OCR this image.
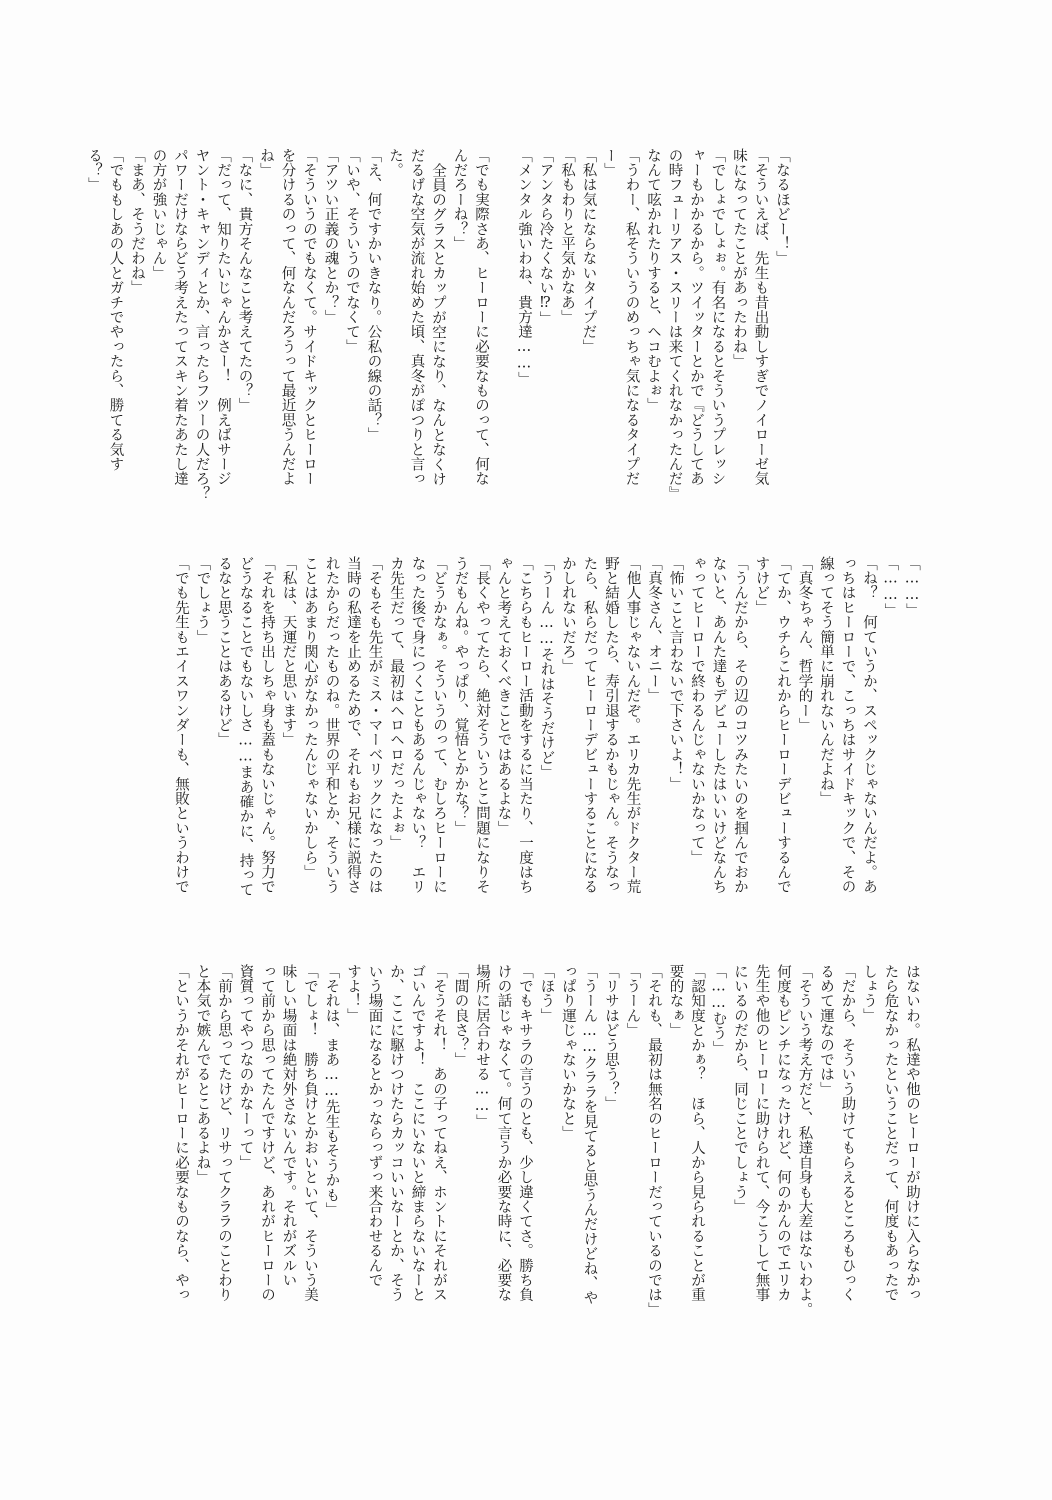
「なるほどー！」
「そういえば、先生も昔出動しすぎでノイローゼ気
味になってたことがあったわね」
「でしょでしょぉ。有名になるとそういうプレッシ
ャーもかかるから。ツイッターとかで『どうしてあ
の時フューリアス・スリーは来てくれなかったんだ』
なんて呟かれたりすると、ヘコむよぉ」
「うわー、私そういうのめっちゃ気になるタイプだ
ー」
「私は気にならないタイプだ」
「私もわりと平気かなあ」
「アンタら冷たくない⁉」
「メンタル強いわね、貴方達……」
「でも実際さあ、ヒーローに必要なものって、何な
んだろーね？」
全員のグラスとカップが空になり、なんとなくけ
だるげな空気が流れ始めた頃、真冬がぽつりと言っ
た。
「え、何ですかいきなり。公私の線の話？」
「いや、そういうのでなくて」
「アツい正義の魂とか？」
「そういうのでもなくて。サイドキックとヒーロー
を分けるのって、何なんだろうって最近思うんだよ
ね」
「なに、貴方そんなこと考えてたの？」
「だって、知りたいじゃんかさー！　例えばサージ
ヤント・キャンディとか、言ったらフツーの人だろ？
パワーだけならどう考えたってスキン着たあたし達
の方が強いじゃん」
「まあ、そうだわね」
「でももしあの人とガチでやったら、勝てる気す
る？」
「……」
「……」
「ね？　何ていうか、スペックじゃないんだよ。あ
っちはヒーローで、こっちはサイドキックで、その
線ってそう簡単に崩れないんだよね」
「真冬ちゃん、哲学的ー」
「てか、ウチらこれからヒーローデビューするんで
すけど」
「うんだから、その辺のコツみたいのを掴んでおか
ないと、あんた達もデビューしたはいいけどなんち
ゃってヒーローで終わるんじゃないかなって」
「怖いこと言わないで下さいよ！」
「真冬さん、オニー」
「他人事じゃないんだぞ。エリカ先生がドクター荒
野と結婚したら、寿引退するかもじゃん。そうなっ
たら、私らだってヒーローデビューすることになる
かしれないだろ」
「うーん……それはそうだけど」
「こちらもヒーロー活動をするに当たり、一度はち
ゃんと考えておくべきことではあるよな」
「長くやってたら、絶対そういうとこ問題になりそ
うだもんね。やっぱり、覚悟とかかな？」
「どうかなぁ。そういうのって、むしろヒーローに
なった後で身につくこともあるんじゃない？　エリ
カ先生だって、最初はヘロヘロだったよぉ」
「そもそも先生がミス・マーベリックになったのは
当時の私達を止めるためで、それもお兄様に説得さ
れたからだったものね。世界の平和とか、そういう
ことはあまり関心がなかったんじゃないかしら」
「私は、天運だと思います」
「それを持ち出しちゃ身も蓋もないじゃん。努力で
どうなることでもないしさ……まあ確かに、持って
るなと思うことはあるけど」
「でしょう」
「でも先生もエイスワンダーも、無敗というわけで
はないわ。私達や他のヒーローが助けに入らなかっ
たら危なかったということだって、何度もあったで
しょう」
「だから、そういう助けてもらえるところもひっく
るめて運なのでは」
「そういう考え方だと、私達自身も大差はないわよ。
何度もピンチになったけれど、何のかんのでエリカ
先生や他のヒーローに助けられて、今こうして無事
にいるのだから、同じことでしょう」
「……むう」
「認知度とかぁ？　ほら、人から見られることが重
要的なぁ」
「それも、最初は無名のヒーローだっているのでは」
「うーん」
「リサはどう思う？」
「うーん……クララを見てると思うんだけどね、や
っぱり運じゃないかなと」
「ほう」
「でもキサラの言うのとも、少し違くてさ。勝ち負
けの話じゃなくて。何て言うか必要な時に、必要な
場所に居合わせる……」
「間の良さ？」
「そうそれ！　あの子ってねえ、ホントにそれがス
ゴいんですよ！　ここにいないと締まらないなーと
か、ここに駆けつけたらカッコいいなーとか、そう
いう場面になるとかっならっずっ来合わせるんで
すよ！」
「それは、まあ……先生もそうかも」
「でしょ！　勝ち負けとかおいといて、そういう美
味しい場面は絶対外さないんです。それがズルい
って前から思ってたんですけど、あれがヒーローの
資質ってやつなのかなーって」
「前から思ってたけど、リサってクララのことわり
と本気で嫉んでるとこあるよね」
「というかそれがヒーローに必要なものなら、やっ
